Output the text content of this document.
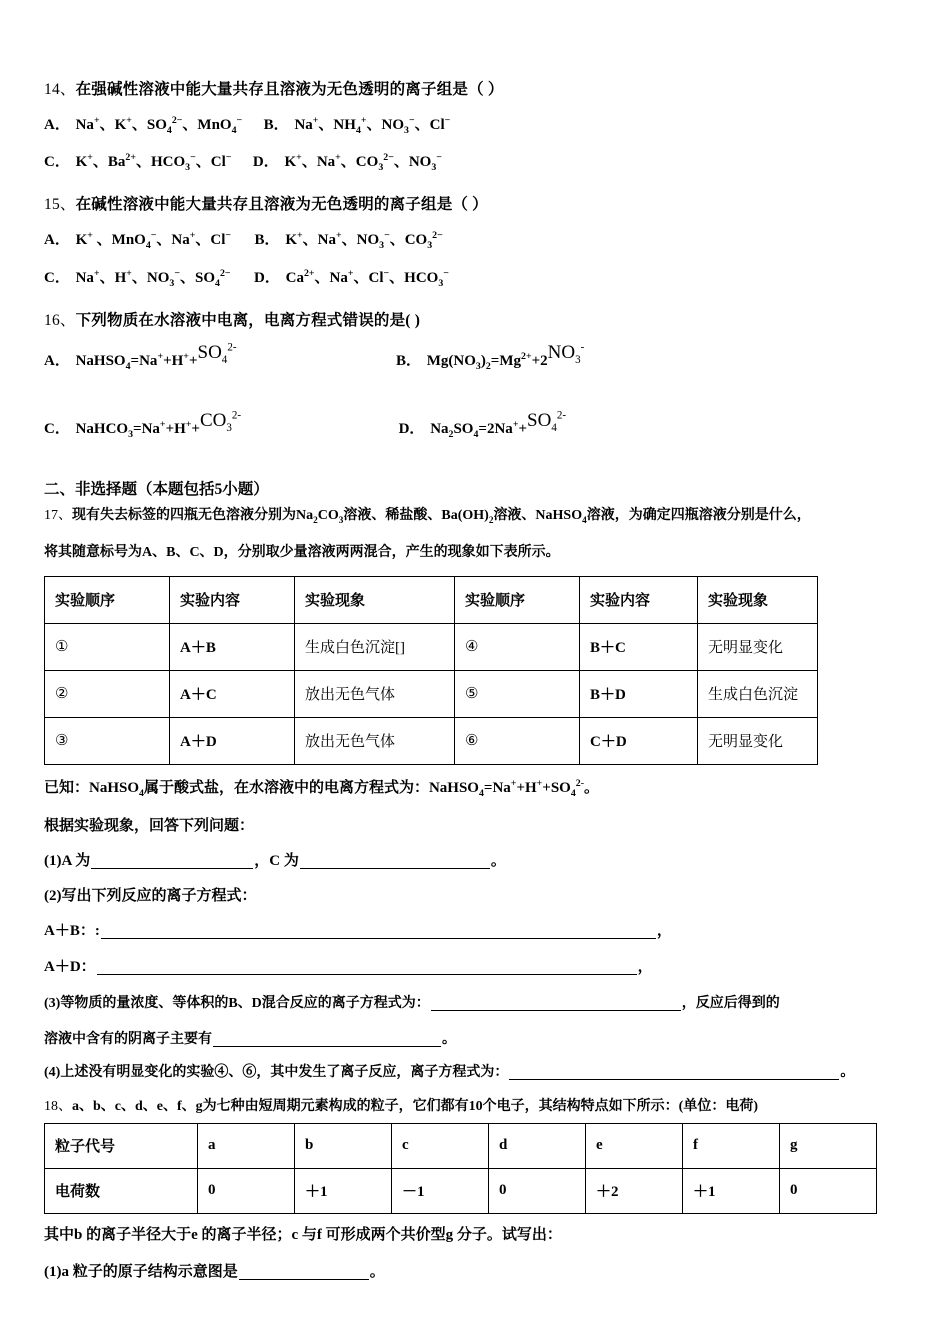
14、在强碱性溶液中能大量共存且溶液为无色透明的离子组是（ ）
A． Na+、K+、$SO_4^{2-}$、MnO$_4$− B． Na+、$NH_4^+$、$NO_3^-$、Cl−
C． K+、$Ba^{2+}$、$HCO_3^-$、Cl− D． K+、Na+、$CO_3^{2-}$、$NO_3^-$
15、在碱性溶液中能大量共存且溶液为无色透明的离子组是（ ）
A． K+ 、MnO$_4$−、Na+、Cl− B． K+、Na+、$NO_3^-$、$CO_3^{2-}$
C． Na+、H+、$NO_3^-$、$SO_4^{2-}$ D． $Ca^{2+}$、Na+、Cl−、$HCO_3^-$
16、下列物质在水溶液中电离，电离方程式错误的是( )
A． $NaHSO_4=Na^++H^++SO_4^{2-}$  B． $Mg(NO_3)_2=Mg^{2+}+2NO_3^-$
C． $NaHCO_3=Na^++H^++CO_3^{2-}$  D． $Na_2SO_4=2Na^++SO_4^{2-}$
二、非选择题（本题包括5小题）
17、现有失去标签的四瓶无色溶液分别为$Na_2CO_3$溶液、稀盐酸、$Ba(OH)_2$溶液、NaHSO$_4$溶液，为确定四瓶溶液分别是什么，
将其随意标号为A、B、C、D，分别取少量溶液两两混合，产生的现象如下表所示。
实验顺序	实验内容	实验现象	实验顺序	实验内容	实验现象
①	A＋B	生成白色沉淀[]	④	B＋C	无明显变化
②	A＋C	放出无色气体	⑤	B＋D	生成白色沉淀
③	A＋D	放出无色气体	⑥	C＋D	无明显变化
已知：NaHSO$_4$属于酸式盐，在水溶液中的电离方程式为：$NaHSO_4=Na^++H^++SO_4^{2-}$。
根据实验现象，回答下列问题：
(1)A 为	，C 为	。
(2)写出下列反应的离子方程式：
A＋B：:	，
A＋D：	，
(3)等物质的量浓度、等体积的B、D混合反应的离子方程式为：	，反应后得到的
溶液中含有的阴离子主要有	。
(4)上述没有明显变化的实验④、⑥，其中发生了离子反应，离子方程式为：	。
18、a、b、c、d、e、f、g为七种由短周期元素构成的粒子，它们都有10个电子，其结构特点如下所示：(单位：电荷)
粒子代号	a	b	c	d	e	f	g
电荷数	0	＋1	－1	0	＋2	＋1	0
其中b 的离子半径大于e 的离子半径；c 与f 可形成两个共价型g 分子。试写出：
(1)a 粒子的原子结构示意图是	。
